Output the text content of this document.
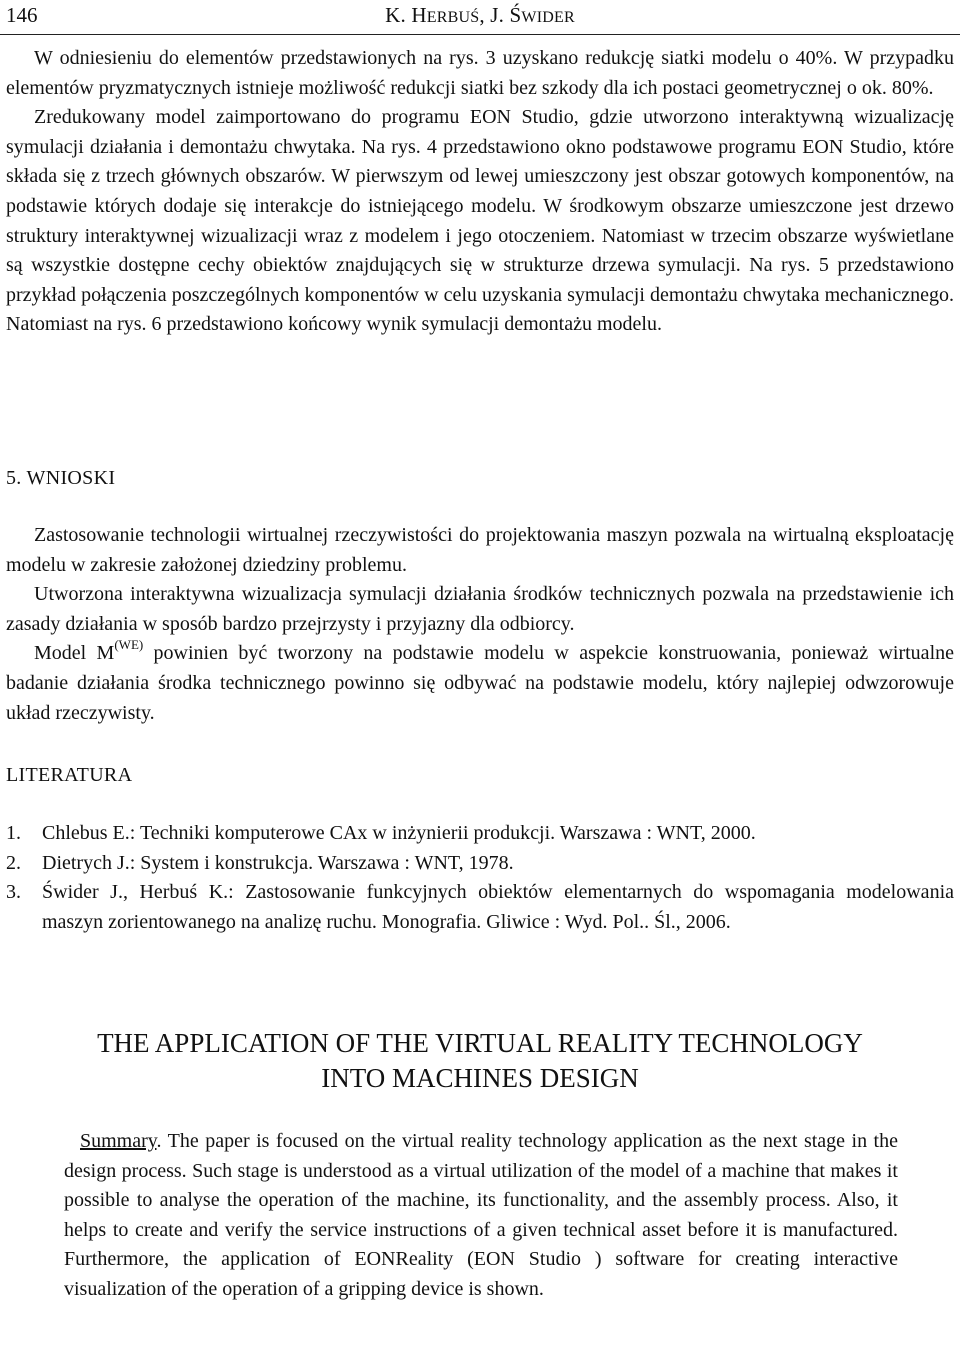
146	K. HERBUŚ, J. ŚWIDER

W odniesieniu do elementów przedstawionych na rys. 3 uzyskano redukcję siatki modelu o 40%. W przypadku elementów pryzmatycznych istnieje możliwość redukcji siatki bez szkody dla ich postaci geometrycznej o ok. 80%.

Zredukowany model zaimportowano do programu EON Studio, gdzie utworzono interaktywną wizualizację symulacji działania i demontażu chwytaka. Na rys. 4 przedstawiono okno podstawowe programu EON Studio, które składa się z trzech głównych obszarów. W pierwszym od lewej umieszczony jest obszar gotowych komponentów, na podstawie których dodaje się interakcje do istniejącego modelu. W środkowym obszarze umieszczone jest drzewo struktury interaktywnej wizualizacji wraz z modelem i jego otoczeniem. Natomiast w trzecim obszarze wyświetlane są wszystkie dostępne cechy obiektów znajdujących się w strukturze drzewa symulacji. Na rys. 5 przedstawiono przykład połączenia poszczególnych komponentów w celu uzyskania symulacji demontażu chwytaka mechanicznego. Natomiast na rys. 6 przedstawiono końcowy wynik symulacji demontażu modelu.

5. WNIOSKI

Zastosowanie technologii wirtualnej rzeczywistości do projektowania maszyn pozwala na wirtualną eksploatację modelu w zakresie założonej dziedziny problemu.

Utworzona interaktywna wizualizacja symulacji działania środków technicznych pozwala na przedstawienie ich zasady działania w sposób bardzo przejrzysty i przyjazny dla odbiorcy.

Model $M^{(WE)}$ powinien być tworzony na podstawie modelu w aspekcie konstruowania, ponieważ wirtualne badanie działania środka technicznego powinno się odbywać na podstawie modelu, który najlepiej odwzorowuje układ rzeczywisty.

LITERATURA
1.	Chlebus E.: Techniki komputerowe CAx w inżynierii produkcji. Warszawa : WNT, 2000.
2.	Dietrych J.: System i konstrukcja. Warszawa : WNT, 1978.
3.	Świder J., Herbuś K.: Zastosowanie funkcyjnych obiektów elementarnych do wspomagania modelowania maszyn zorientowanego na analizę ruchu. Monografia. Gliwice : Wyd. Pol.. Śl., 2006.
THE APPLICATION OF THE VIRTUAL REALITY TECHNOLOGY
INTO MACHINES DESIGN
Summary. The paper is focused on the virtual reality technology application as the next stage in the design process. Such stage is understood as a virtual utilization of the model of a machine that makes it possible to analyse the operation of the machine, its functionality, and the assembly process. Also, it helps to create and verify the service instructions of a given technical asset before it is manufactured. Furthermore, the application of EONReality (EON Studio ) software for creating interactive visualization of the operation of a gripping device is shown.
